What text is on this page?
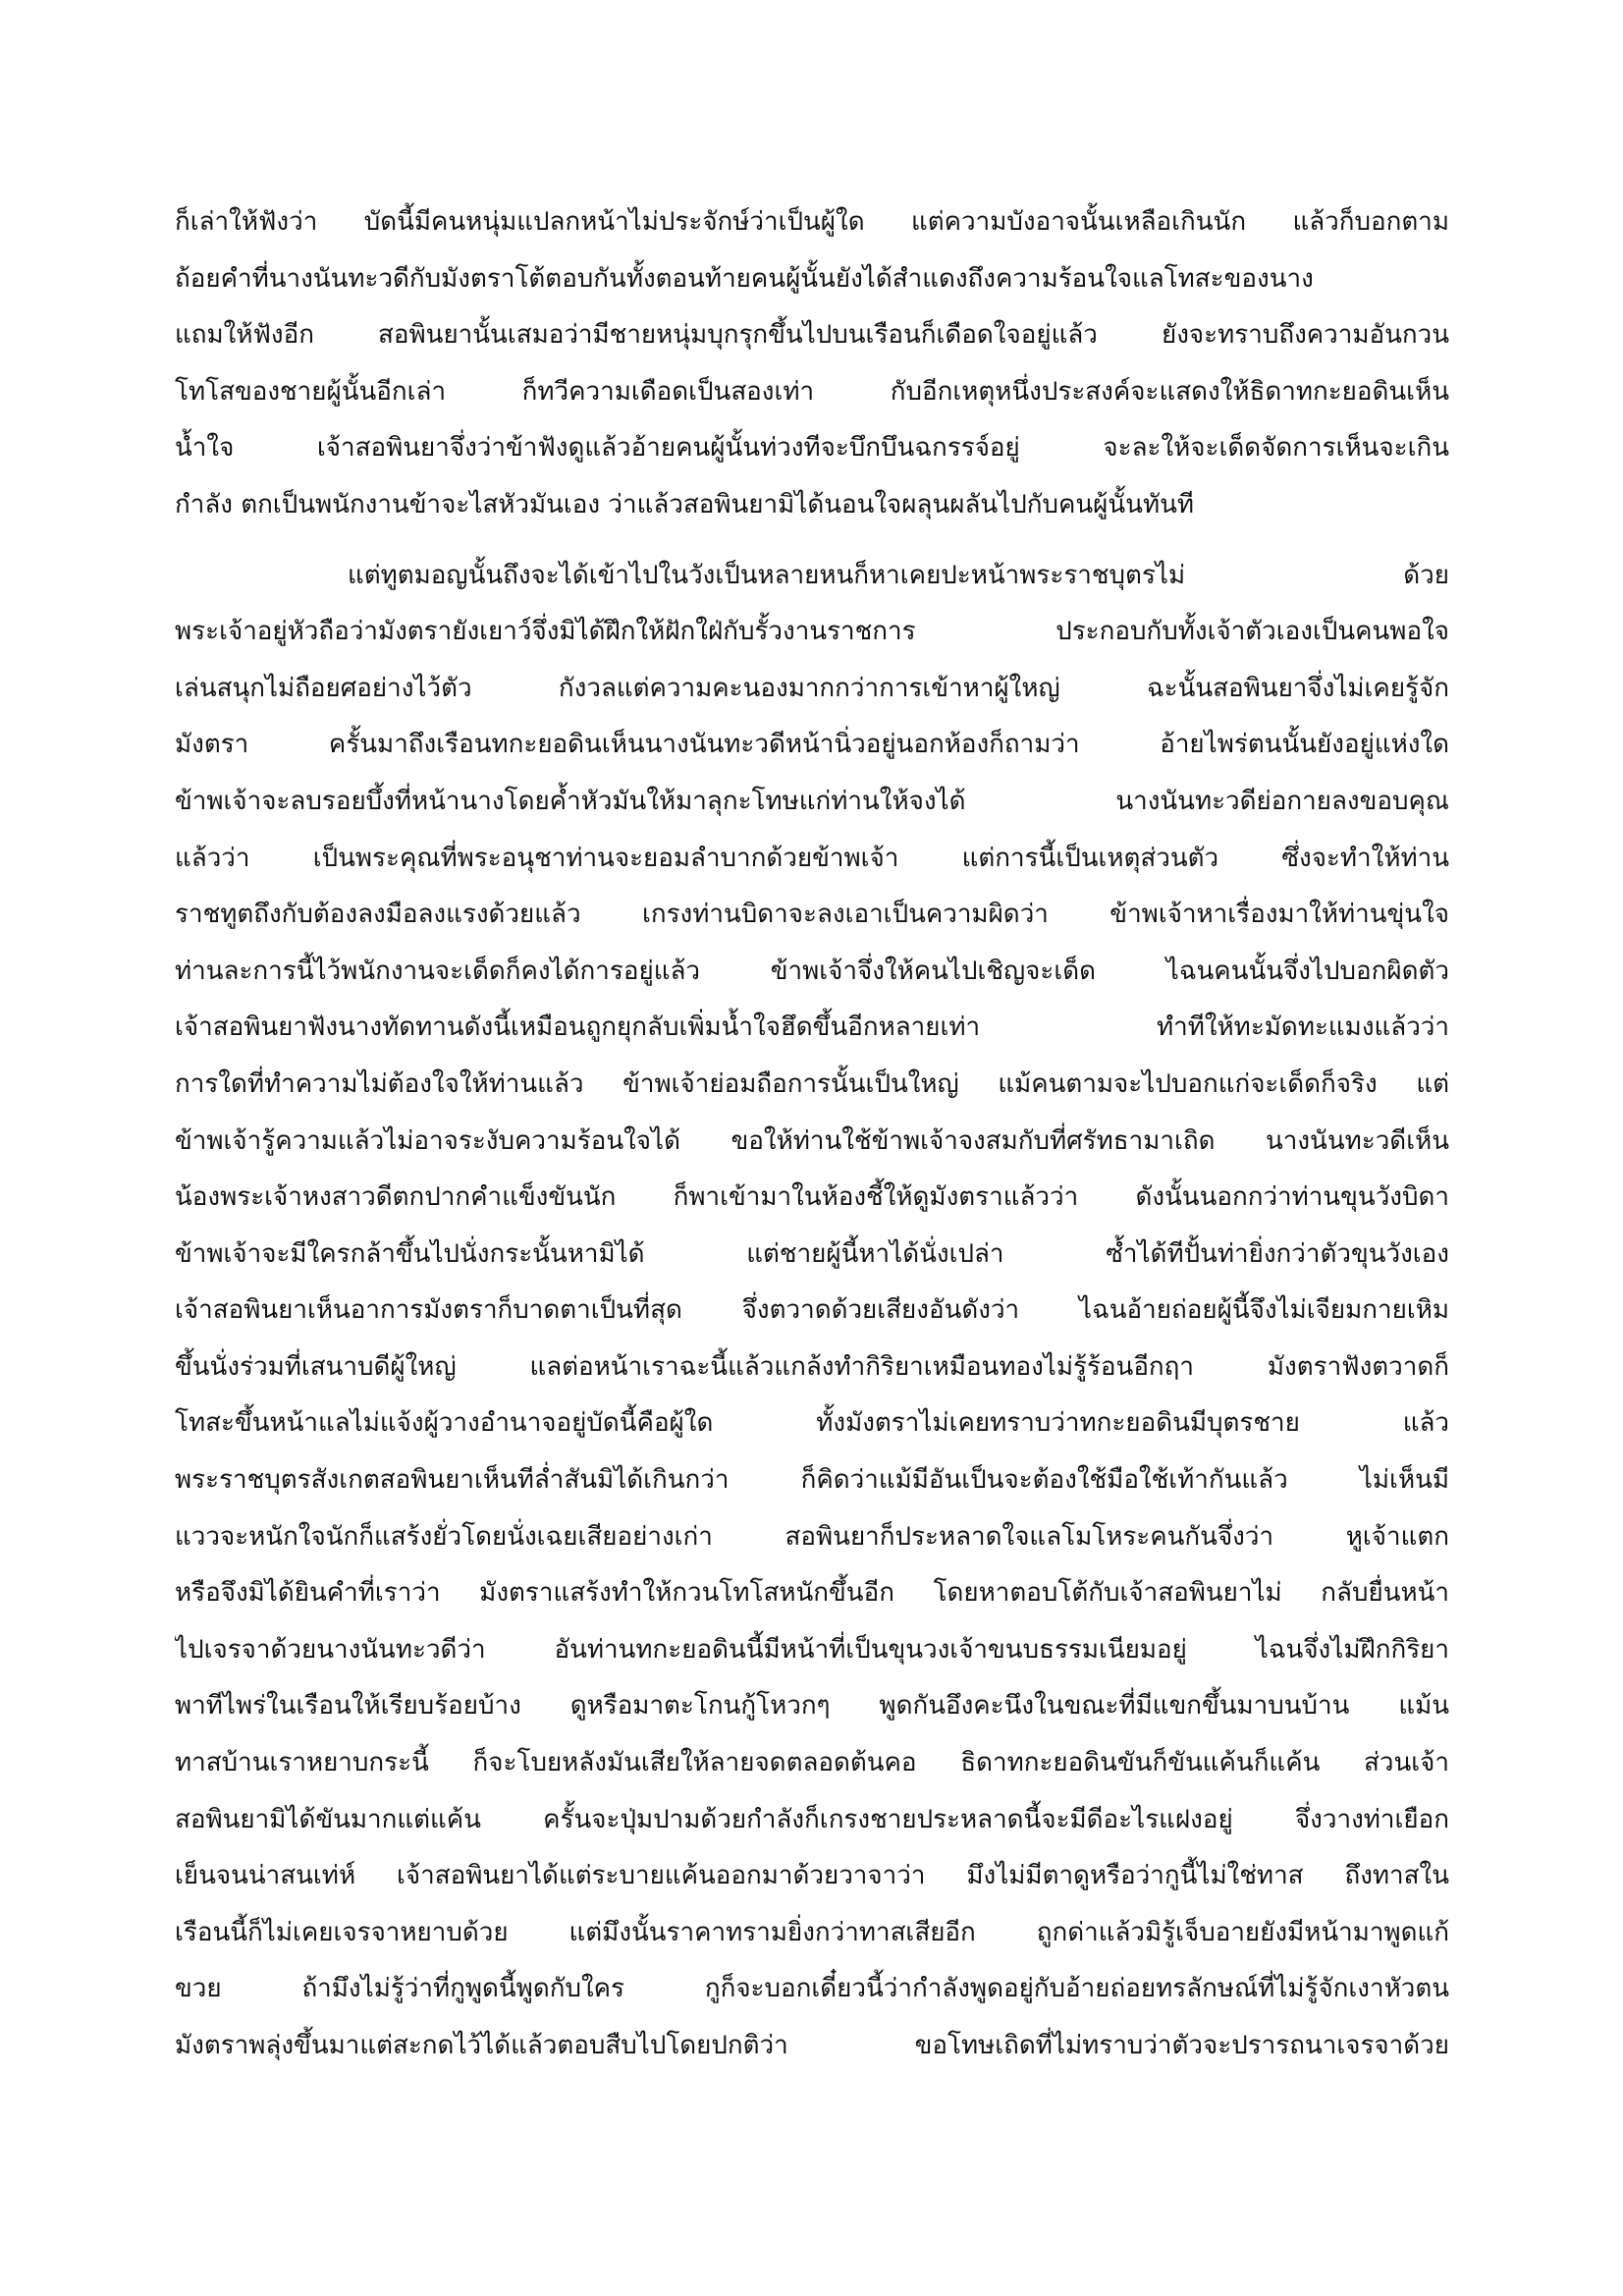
ก็เล่าให้ฟังว่า บัดนี้มีคนหนุ่มแปลกหน้าไม่ประจักษ์ว่าเป็นผู้ใด แต่ความบังอาจนั้นเหลือเกินนัก แล้วก็บอกตาม
ถ้อยคำที่นางนันทะวดีกับมังตราโต้ตอบกันทั้งตอนท้ายคนผู้นั้นยังได้สำแดงถึงความร้อนใจแลโทสะของนาง
แถมให้ฟังอีก สอพินยานั้นเสมอว่ามีชายหนุ่มบุกรุกขึ้นไปบนเรือนก็เดือดใจอยู่แล้ว ยังจะทราบถึงความอันกวน
โทโสของชายผู้นั้นอีกเล่า ก็ทวีความเดือดเป็นสองเท่า กับอีกเหตุหนึ่งประสงค์จะแสดงให้ธิดาทกะยอดินเห็น
น้ำใจ เจ้าสอพินยาจึ่งว่าข้าฟังดูแล้วอ้ายคนผู้นั้นท่วงทีจะบึกบึนฉกรรจ์อยู่ จะละให้จะเด็ดจัดการเห็นจะเกิน
กำลัง ตกเป็นพนักงานข้าจะไสหัวมันเอง ว่าแล้วสอพินยามิได้นอนใจผลุนผลันไปกับคนผู้นั้นทันที
แต่ทูตมอญนั้นถึงจะได้เข้าไปในวังเป็นหลายหนก็หาเคยปะหน้าพระราชบุตรไม่ ด้วย
พระเจ้าอยู่หัวถือว่ามังตรายังเยาว์จึ่งมิได้ฝึกให้ฝักใฝ่กับรั้วงานราชการ ประกอบกับทั้งเจ้าตัวเองเป็นคนพอใจ
เล่นสนุกไม่ถือยศอย่างไว้ตัว กังวลแต่ความคะนองมากกว่าการเข้าหาผู้ใหญ่ ฉะนั้นสอพินยาจึ่งไม่เคยรู้จัก
มังตรา ครั้นมาถึงเรือนทกะยอดินเห็นนางนันทะวดีหน้านิ่วอยู่นอกห้องก็ถามว่า อ้ายไพร่ตนนั้นยังอยู่แห่งใด
ข้าพเจ้าจะลบรอยบึ้งที่หน้านางโดยค้ำหัวมันให้มาลุกะโทษแก่ท่านให้จงได้ นางนันทะวดีย่อกายลงขอบคุณ
แล้วว่า เป็นพระคุณที่พระอนุชาท่านจะยอมลำบากด้วยข้าพเจ้า แต่การนี้เป็นเหตุส่วนตัว ซึ่งจะทำให้ท่าน
ราชทูตถึงกับต้องลงมือลงแรงด้วยแล้ว เกรงท่านบิดาจะลงเอาเป็นความผิดว่า ข้าพเจ้าหาเรื่องมาให้ท่านขุ่นใจ
ท่านละการนี้ไว้พนักงานจะเด็ดก็คงได้การอยู่แล้ว ข้าพเจ้าจึ่งให้คนไปเชิญจะเด็ด ไฉนคนนั้นจึ่งไปบอกผิดตัว
เจ้าสอพินยาฟังนางทัดทานดังนี้เหมือนถูกยุกลับเพิ่มน้ำใจฮึดขึ้นอีกหลายเท่า ทำทีให้ทะมัดทะแมงแล้วว่า
การใดที่ทำความไม่ต้องใจให้ท่านแล้ว ข้าพเจ้าย่อมถือการนั้นเป็นใหญ่ แม้คนตามจะไปบอกแก่จะเด็ดก็จริง แต่
ข้าพเจ้ารู้ความแล้วไม่อาจระงับความร้อนใจได้ ขอให้ท่านใช้ข้าพเจ้าจงสมกับที่ศรัทธามาเถิด นางนันทะวดีเห็น
น้องพระเจ้าหงสาวดีตกปากคำแข็งขันนัก ก็พาเข้ามาในห้องชี้ให้ดูมังตราแล้วว่า ดังนั้นนอกกว่าท่านขุนวังบิดา
ข้าพเจ้าจะมีใครกล้าขึ้นไปนั่งกระนั้นหามิได้ แต่ชายผู้นี้หาได้นั่งเปล่า ซ้ำได้ทีปั้นท่ายิ่งกว่าตัวขุนวังเอง
เจ้าสอพินยาเห็นอาการมังตราก็บาดตาเป็นที่สุด จึ่งตวาดด้วยเสียงอันดังว่า ไฉนอ้ายถ่อยผู้นี้จึงไม่เจียมกายเหิม
ขึ้นนั่งร่วมที่เสนาบดีผู้ใหญ่ แลต่อหน้าเราฉะนี้แล้วแกล้งทำกิริยาเหมือนทองไม่รู้ร้อนอีกฤา มังตราฟังตวาดก็
โทสะขึ้นหน้าแลไม่แจ้งผู้วางอำนาจอยู่บัดนี้คือผู้ใด ทั้งมังตราไม่เคยทราบว่าทกะยอดินมีบุตรชาย แล้ว
พระราชบุตรสังเกตสอพินยาเห็นทีล่ำสันมิได้เกินกว่า ก็คิดว่าแม้มีอันเป็นจะต้องใช้มือใช้เท้ากันแล้ว ไม่เห็นมี
แววจะหนักใจนักก็แสร้งยั่วโดยนั่งเฉยเสียอย่างเก่า สอพินยาก็ประหลาดใจแลโมโหระคนกันจึ่งว่า หูเจ้าแตก
หรือจึงมิได้ยินคำที่เราว่า มังตราแสร้งทำให้กวนโทโสหนักขึ้นอีก โดยหาตอบโต้กับเจ้าสอพินยาไม่ กลับยื่นหน้า
ไปเจรจาด้วยนางนันทะวดีว่า อันท่านทกะยอดินนี้มีหน้าที่เป็นขุนวงเจ้าขนบธรรมเนียมอยู่ ไฉนจึ่งไม่ฝึกกิริยา
พาทีไพร่ในเรือนให้เรียบร้อยบ้าง ดูหรือมาตะโกนกู้โหวกๆ พูดกันอึงคะนึงในขณะที่มีแขกขึ้นมาบนบ้าน แม้น
ทาสบ้านเราหยาบกระนี้ ก็จะโบยหลังมันเสียให้ลายจดตลอดต้นคอ ธิดาทกะยอดินขันก็ขันแค้นก็แค้น ส่วนเจ้า
สอพินยามิได้ขันมากแต่แค้น ครั้นจะปุ่มปามด้วยกำลังก็เกรงชายประหลาดนี้จะมีดีอะไรแฝงอยู่ จึ่งวางท่าเยือก
เย็นจนน่าสนเท่ห์ เจ้าสอพินยาได้แต่ระบายแค้นออกมาด้วยวาจาว่า มึงไม่มีตาดูหรือว่ากูนี้ไม่ใช่ทาส ถึงทาสใน
เรือนนี้ก็ไม่เคยเจรจาหยาบด้วย แต่มึงนั้นราคาทรามยิ่งกว่าทาสเสียอีก ถูกด่าแล้วมิรู้เจ็บอายยังมีหน้ามาพูดแก้
ขวย ถ้ามึงไม่รู้ว่าที่กูพูดนี้พูดกับใคร กูก็จะบอกเดี๋ยวนี้ว่ากำลังพูดอยู่กับอ้ายถ่อยทรลักษณ์ที่ไม่รู้จักเงาหัวตน
มังตราพลุ่งขึ้นมาแต่สะกดไว้ได้แล้วตอบสืบไปโดยปกติว่า ขอโทษเถิดที่ไม่ทราบว่าตัวจะปรารถนาเจรจาด้วย
